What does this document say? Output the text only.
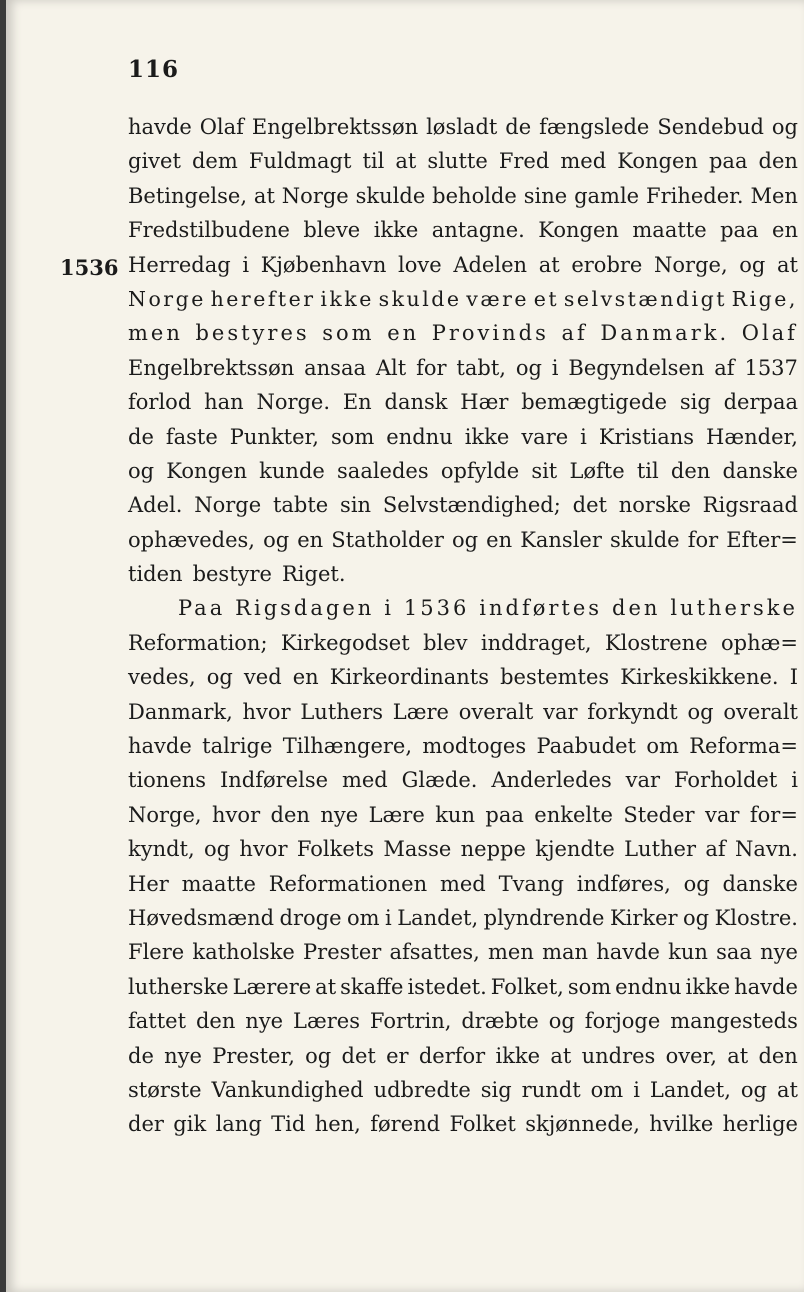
116
1536
havde Olaf Engelbrektssøn løsladt de fængslede Sendebud og
givet dem Fuldmagt til at slutte Fred med Kongen paa den
Betingelse, at Norge skulde beholde sine gamle Friheder. Men
Fredstilbudene bleve ikke antagne. Kongen maatte paa en
Herredag i Kjøbenhavn love Adelen at erobre Norge, og at
Norge herefter ikke skulde være et selvstændigt Rige,
men bestyres som en Provinds af Danmark. Olaf
Engelbrektssøn ansaa Alt for tabt, og i Begyndelsen af 1537
forlod han Norge. En dansk Hær bemægtigede sig derpaa
de faste Punkter, som endnu ikke vare i Kristians Hænder,
og Kongen kunde saaledes opfylde sit Løfte til den danske
Adel. Norge tabte sin Selvstændighed; det norske Rigsraad
ophævedes, og en Statholder og en Kansler skulde for Efter=
tiden bestyre Riget.
Paa Rigsdagen i 1536 indførtes den lutherske
Reformation; Kirkegodset blev inddraget, Klostrene ophæ=
vedes, og ved en Kirkeordinants bestemtes Kirkeskikkene. I
Danmark, hvor Luthers Lære overalt var forkyndt og overalt
havde talrige Tilhængere, modtoges Paabudet om Reforma=
tionens Indførelse med Glæde. Anderledes var Forholdet i
Norge, hvor den nye Lære kun paa enkelte Steder var for=
kyndt, og hvor Folkets Masse neppe kjendte Luther af Navn.
Her maatte Reformationen med Tvang indføres, og danske
Høvedsmænd droge om i Landet, plyndrende Kirker og Klostre.
Flere katholske Prester afsattes, men man havde kun saa nye
lutherske Lærere at skaffe istedet. Folket, som endnu ikke havde
fattet den nye Læres Fortrin, dræbte og forjoge mangesteds
de nye Prester, og det er derfor ikke at undres over, at den
største Vankundighed udbredte sig rundt om i Landet, og at
der gik lang Tid hen, førend Folket skjønnede, hvilke herlige
